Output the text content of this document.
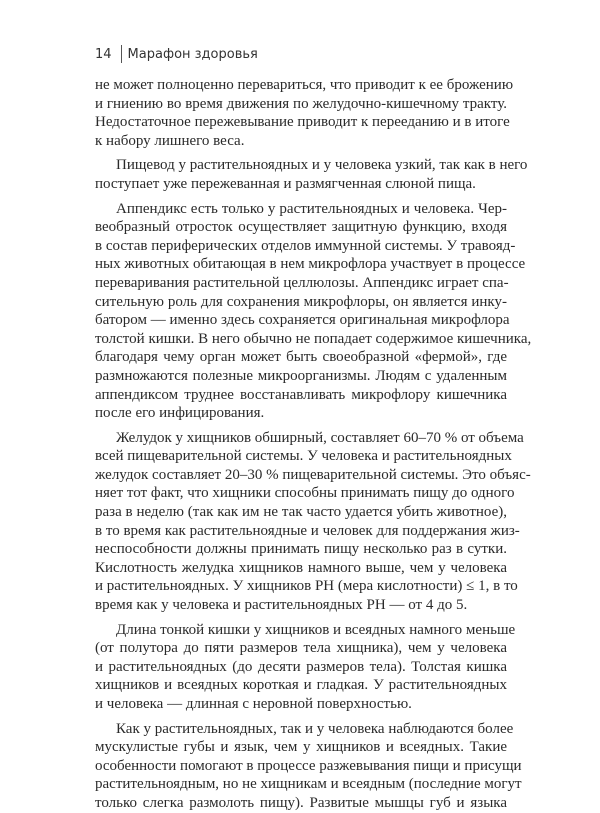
14 Марафон здоровья

не может полноценно перевариться, что приводит к ее брожению
и гниению во время движения по желудочно-кишечному тракту.
Недостаточное пережевывание приводит к перееданию и в итоге
к набору лишнего веса.

Пищевод у растительноядных и у человека узкий, так как в него
поступает уже пережеванная и размягченная слюной пища.

Аппендикс есть только у растительноядных и человека. Чер-
веобразный отросток осуществляет защитную функцию, входя
в состав периферических отделов иммунной системы. У травояд-
ных животных обитающая в нем микрофлора участвует в процессе
переваривания растительной целлюлозы. Аппендикс играет спа-
сительную роль для сохранения микрофлоры, он является инку-
батором — именно здесь сохраняется оригинальная микрофлора
толстой кишки. В него обычно не попадает содержимое кишечника,
благодаря чему орган может быть своеобразной «фермой», где
размножаются полезные микроорганизмы. Людям с удаленным
аппендиксом труднее восстанавливать микрофлору кишечника
после его инфицирования.

Желудок у хищников обширный, составляет 60–70 % от объема
всей пищеварительной системы. У человека и растительноядных
желудок составляет 20–30 % пищеварительной системы. Это объяс-
няет тот факт, что хищники способны принимать пищу до одного
раза в неделю (так как им не так часто удается убить животное),
в то время как растительноядные и человек для поддержания жиз-
неспособности должны принимать пищу несколько раз в сутки.
Кислотность желудка хищников намного выше, чем у человека
и растительноядных. У хищников PH (мера кислотности) ≤ 1, в то
время как у человека и растительноядных PH — от 4 до 5.

Длина тонкой кишки у хищников и всеядных намного меньше
(от полутора до пяти размеров тела хищника), чем у человека
и растительноядных (до десяти размеров тела). Толстая кишка
хищников и всеядных короткая и гладкая. У растительноядных
и человека — длинная с неровной поверхностью.

Как у растительноядных, так и у человека наблюдаются более
мускулистые губы и язык, чем у хищников и всеядных. Такие
особенности помогают в процессе разжевывания пищи и присущи
растительноядным, но не хищникам и всеядным (последние могут
только слегка размолоть пищу). Развитые мышцы губ и языка
